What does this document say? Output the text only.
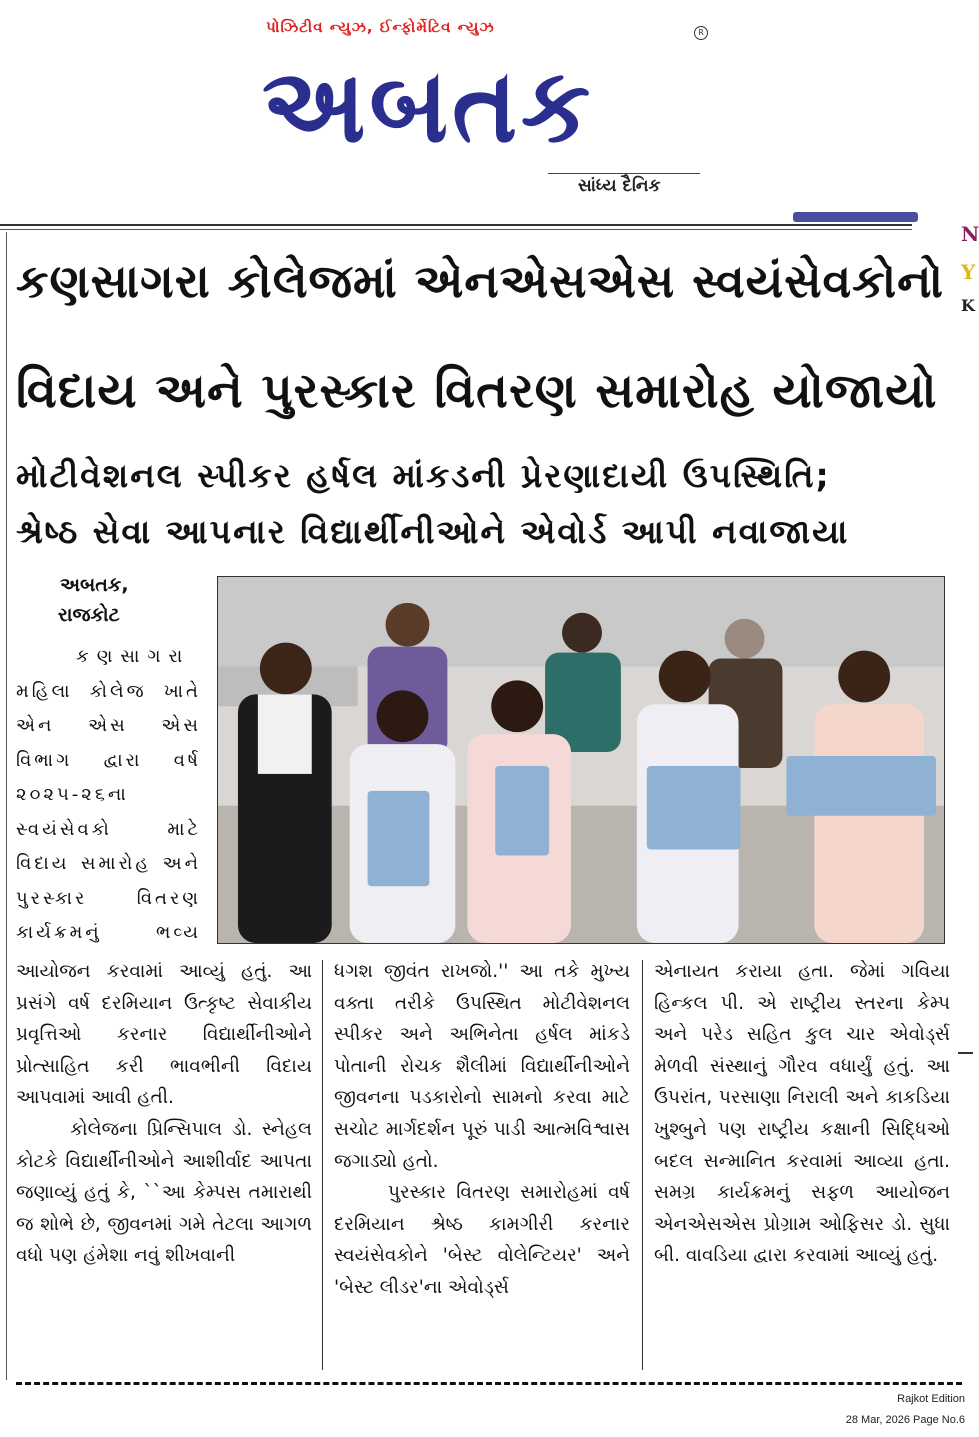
પોઝિટીવ ન્યુઝ, ઈન્ફોર્મેટિવ ન્યુઝ	R
અબતક
સાંધ્ય દૈનિક
N
Y
K
કણસાગરા કોલેજમાં એનએસએસ સ્વયંસેવકોનો
વિદાય અને પુરસ્કાર વિતરણ સમારોહ યોજાયો
મોટીવેશનલ સ્પીકર હર્ષલ માંકડની પ્રેરણાદાયી ઉપસ્થિતિ;
શ્રેષ્ઠ સેવા આપનાર વિદ્યાર્થીનીઓને એવોર્ડ આપી નવાજાયા
અબતક,
રાજકોટ
કણસાગરા
મહિલા કોલેજ ખાતે
એન એસ એસ
વિભાગ દ્વારા વર્ષ
૨૦૨૫-૨૬ના
સ્વયંસેવકો માટે
વિદાય સમારોહ અને
પુરસ્કાર વિતરણ
કાર્યક્રમનું ભવ્ય

આયોજન કરવામાં આવ્યું હતું. આ પ્રસંગે વર્ષ દરમિયાન ઉત્કૃષ્ટ સેવાકીય પ્રવૃત્તિઓ કરનાર વિદ્યાર્થીનીઓને પ્રોત્સાહિત કરી ભાવભીની વિદાય આપવામાં આવી હતી.

કોલેજના પ્રિન્સિપાલ ડો. સ્નેહલ કોટકે વિદ્યાર્થીનીઓને આશીર્વાદ આપતા જણાવ્યું હતું કે, ``આ કેમ્પસ તમારાથી જ શોભે છે, જીવનમાં ગમે તેટલા આગળ વધો પણ હંમેશા નવું શીખવાની

ધગશ જીવંત રાખજો.'' આ તકે મુખ્ય વક્તા તરીકે ઉપસ્થિત મોટીવેશનલ સ્પીકર અને અભિનેતા હર્ષલ માંકડે પોતાની રોચક શૈલીમાં વિદ્યાર્થીનીઓને જીવનના પડકારોનો સામનો કરવા માટે સચોટ માર્ગદર્શન પૂરું પાડી આત્મવિશ્વાસ જગાડ્યો હતો.

પુરસ્કાર વિતરણ સમારોહમાં વર્ષ દરમિયાન શ્રેષ્ઠ કામગીરી કરનાર સ્વયંસેવકોને 'બેસ્ટ વોલેન્ટિયર' અને 'બેસ્ટ લીડર'ના એવોર્ડ્સ

એનાયત કરાયા હતા. જેમાં ગવિયા હિન્કલ પી. એ રાષ્ટ્રીય સ્તરના કેમ્પ અને પરેડ સહિત કુલ ચાર એવોર્ડ્સ મેળવી સંસ્થાનું ગૌરવ વધાર્યું હતું. આ ઉપરાંત, પરસાણા નિરાલી અને કાકડિયા ખુશ્બુને પણ રાષ્ટ્રીય કક્ષાની સિદ્ધિઓ બદલ સન્માનિત કરવામાં આવ્યા હતા. સમગ્ર કાર્યક્રમનું સફળ આયોજન એનએસએસ પ્રોગ્રામ ઓફિસર ડો. સુધા બી. વાવડિયા દ્વારા કરવામાં આવ્યું હતું.

Rajkot Edition
28 Mar, 2026 Page No.6
